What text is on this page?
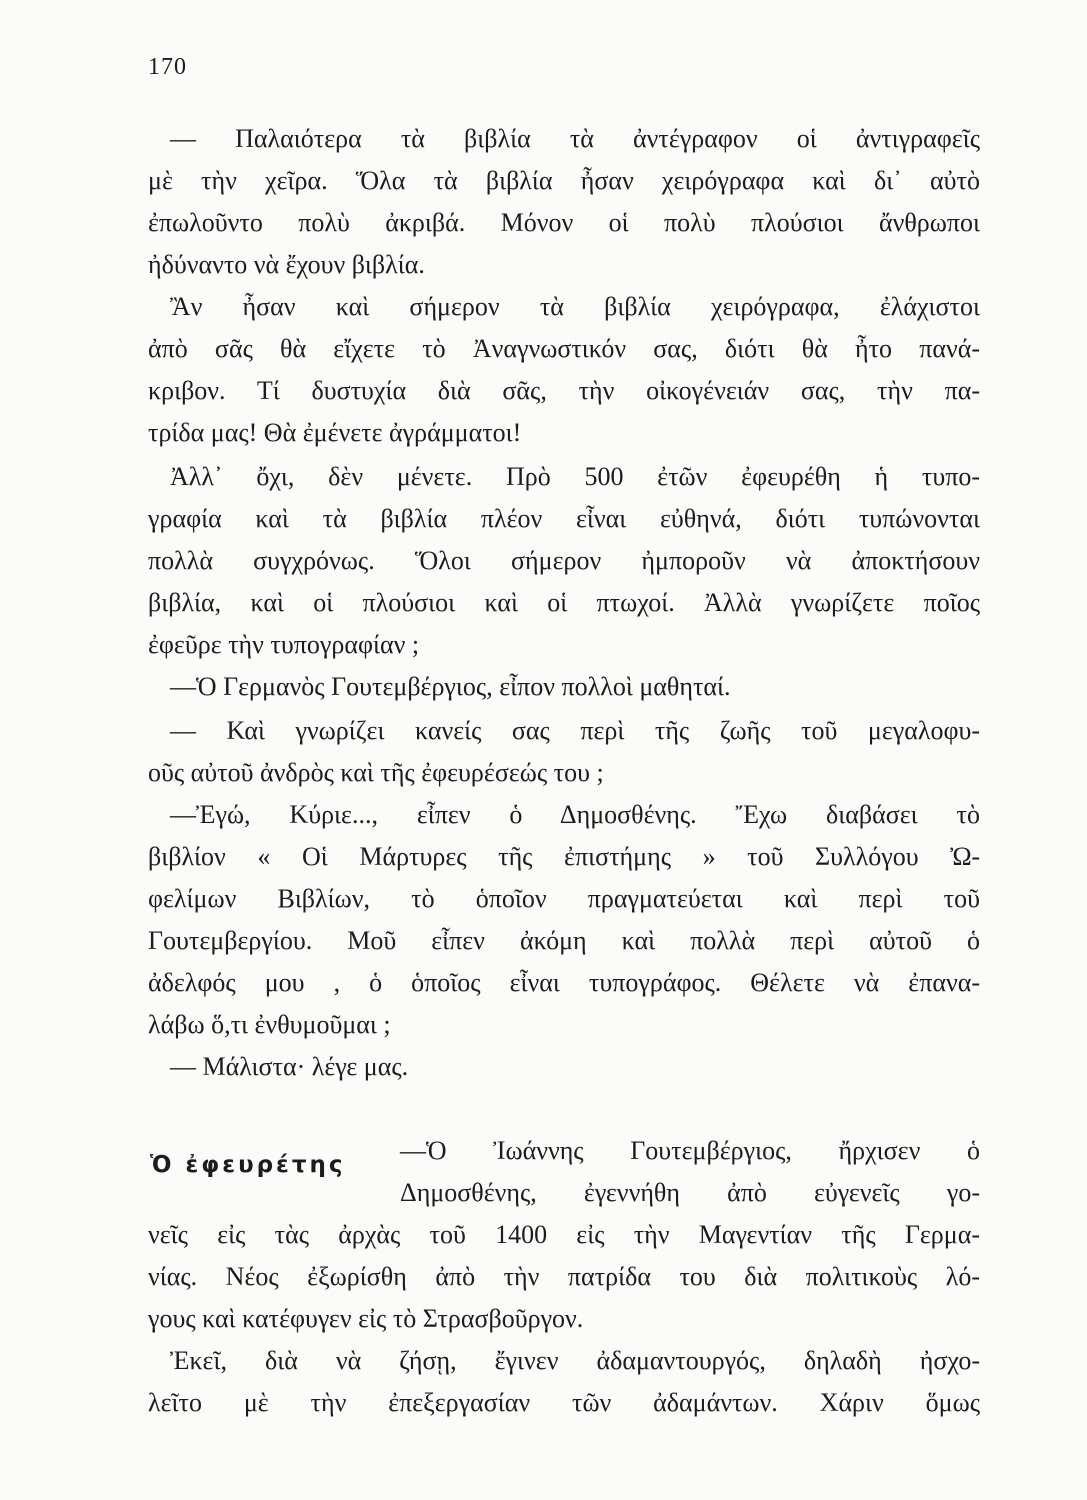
170
— Παλαιότερα τὰ βιβλία τὰ ἀντέγραφον οἱ ἀντιγραφεῖς
μὲ τὴν χεῖρα. Ὅλα τὰ βιβλία ἦσαν χειρόγραφα καὶ δι᾽ αὐτὸ
ἐπωλοῦντο πολὺ ἀκριβά. Μόνον οἱ πολὺ πλούσιοι ἄνθρωποι
ἠδύναντο νὰ ἔχουν βιβλία.
Ἂν ἦσαν καὶ σήμερον τὰ βιβλία χειρόγραφα, ἐλάχιστοι
ἀπὸ σᾶς θὰ εἴχετε τὸ Ἀναγνωστικόν σας, διότι θὰ ἦτο πανά-
κριβον. Τί δυστυχία διὰ σᾶς, τὴν οἰκογένειάν σας, τὴν πα-
τρίδα μας! Θὰ ἐμένετε ἀγράμματοι!
Ἀλλ᾽ ὄχι, δὲν μένετε. Πρὸ 500 ἐτῶν ἐφευρέθη ἡ τυπο-
γραφία καὶ τὰ βιβλία πλέον εἶναι εὐθηνά, διότι τυπώνονται
πολλὰ συγχρόνως. Ὅλοι σήμερον ἠμποροῦν νὰ ἀποκτήσουν
βιβλία, καὶ οἱ πλούσιοι καὶ οἱ πτωχοί. Ἀλλὰ γνωρίζετε ποῖος
ἐφεῦρε τὴν τυπογραφίαν ;
—Ὁ Γερμανὸς Γουτεμβέργιος, εἶπον πολλοὶ μαθηταί.
— Καὶ γνωρίζει κανείς σας περὶ τῆς ζωῆς τοῦ μεγαλοφυ-
οῦς αὐτοῦ ἀνδρὸς καὶ τῆς ἐφευρέσεώς του ;
—Ἐγώ, Κύριε..., εἶπεν ὁ Δημοσθένης. Ἔχω διαβάσει τὸ
βιβλίον « Οἱ Μάρτυρες τῆς ἐπιστήμης » τοῦ Συλλόγου Ὠ-
φελίμων Βιβλίων, τὸ ὁποῖον πραγματεύεται καὶ περὶ τοῦ
Γουτεμβεργίου. Μοῦ εἶπεν ἀκόμη καὶ πολλὰ περὶ αὐτοῦ ὁ
ἀδελφός μου , ὁ ὁποῖος εἶναι τυπογράφος. Θέλετε νὰ ἐπανα-
λάβω ὅ,τι ἐνθυμοῦμαι ;
— Μάλιστα· λέγε μας.
Ὁ ἐφευρέτης —Ὁ Ἰωάννης Γουτεμβέργιος, ἤρχισεν ὁ
Δημοσθένης, ἐγεννήθη ἀπὸ εὐγενεῖς γο-
νεῖς εἰς τὰς ἀρχὰς τοῦ 1400 εἰς τὴν Μαγεντίαν τῆς Γερμα-
νίας. Νέος ἐξωρίσθη ἀπὸ τὴν πατρίδα του διὰ πολιτικοὺς λό-
γους καὶ κατέφυγεν εἰς τὸ Στρασβοῦργον.
Ἐκεῖ, διὰ νὰ ζήσῃ, ἔγινεν ἀδαμαντουργός, δηλαδὴ ἠσχο-
λεῖτο μὲ τὴν ἐπεξεργασίαν τῶν ἀδαμάντων. Χάριν ὅμως
